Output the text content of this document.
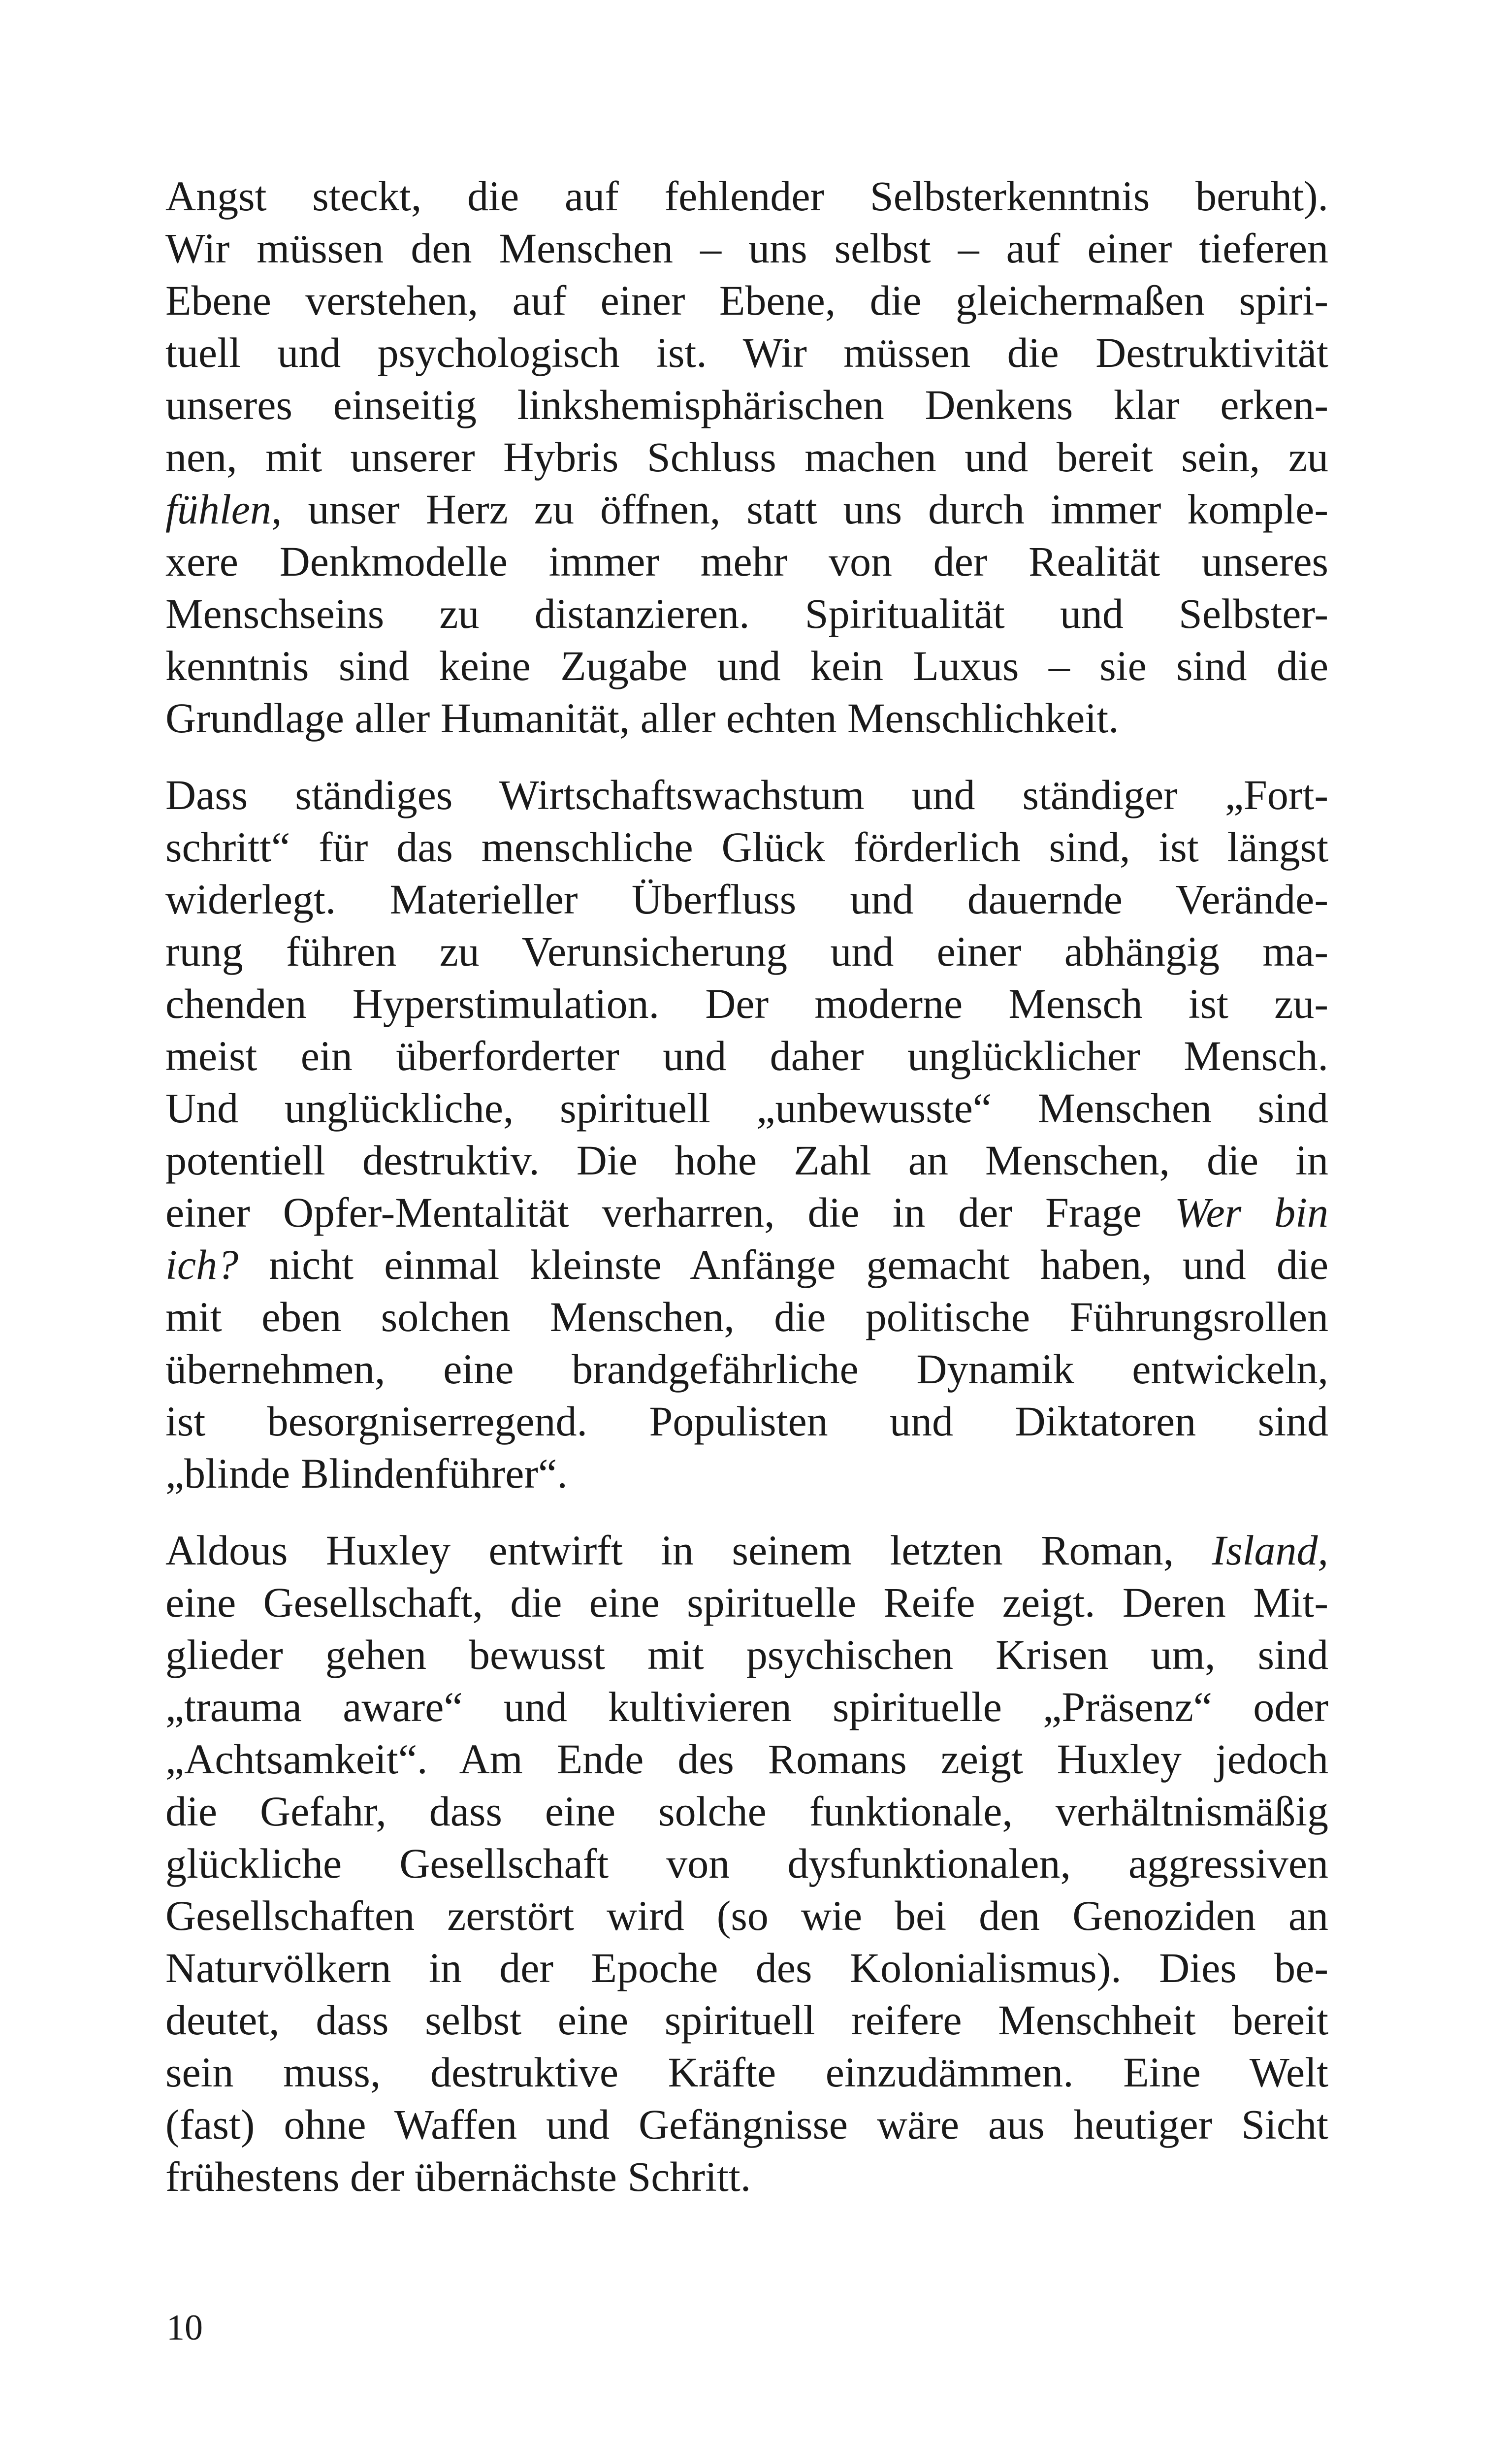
Angst steckt, die auf fehlender Selbsterkenntnis beruht).
Wir müssen den Menschen – uns selbst – auf einer tieferen
Ebene verstehen, auf einer Ebene, die gleichermaßen spiri-
tuell und psychologisch ist. Wir müssen die Destruktivität
unseres einseitig linkshemisphärischen Denkens klar erken-
nen, mit unserer Hybris Schluss machen und bereit sein, zu
fühlen, unser Herz zu öffnen, statt uns durch immer komple-
xere Denkmodelle immer mehr von der Realität unseres
Menschseins zu distanzieren. Spiritualität und Selbster-
kenntnis sind keine Zugabe und kein Luxus – sie sind die
Grundlage aller Humanität, aller echten Menschlichkeit.

Dass ständiges Wirtschaftswachstum und ständiger „Fort-
schritt“ für das menschliche Glück förderlich sind, ist längst
widerlegt. Materieller Überfluss und dauernde Verände-
rung führen zu Verunsicherung und einer abhängig ma-
chenden Hyperstimulation. Der moderne Mensch ist zu-
meist ein überforderter und daher unglücklicher Mensch.
Und unglückliche, spirituell „unbewusste“ Menschen sind
potentiell destruktiv. Die hohe Zahl an Menschen, die in
einer Opfer-Mentalität verharren, die in der Frage Wer bin
ich? nicht einmal kleinste Anfänge gemacht haben, und die
mit eben solchen Menschen, die politische Führungsrollen
übernehmen, eine brandgefährliche Dynamik entwickeln,
ist besorgniserregend. Populisten und Diktatoren sind
„blinde Blindenführer“.

Aldous Huxley entwirft in seinem letzten Roman, Island,
eine Gesellschaft, die eine spirituelle Reife zeigt. Deren Mit-
glieder gehen bewusst mit psychischen Krisen um, sind
„trauma aware“ und kultivieren spirituelle „Präsenz“ oder
„Achtsamkeit“. Am Ende des Romans zeigt Huxley jedoch
die Gefahr, dass eine solche funktionale, verhältnismäßig
glückliche Gesellschaft von dysfunktionalen, aggressiven
Gesellschaften zerstört wird (so wie bei den Genoziden an
Naturvölkern in der Epoche des Kolonialismus). Dies be-
deutet, dass selbst eine spirituell reifere Menschheit bereit
sein muss, destruktive Kräfte einzudämmen. Eine Welt
(fast) ohne Waffen und Gefängnisse wäre aus heutiger Sicht
frühestens der übernächste Schritt.

10
